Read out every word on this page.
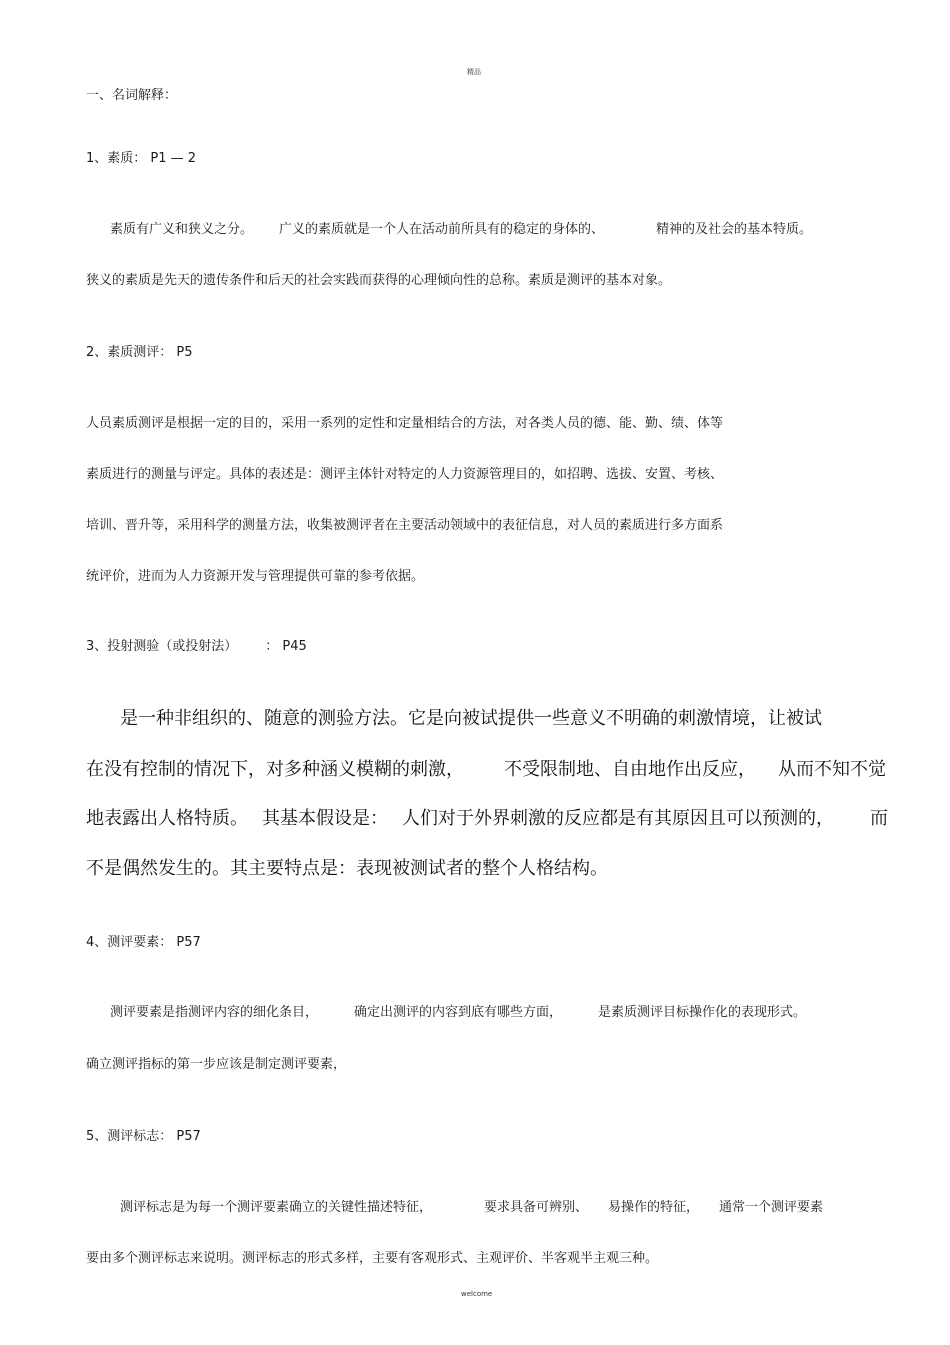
精品
welcome
一、名词解释：
1、素质： P1 — 2
素质有广义和狭义之分。 广义的素质就是一个人在活动前所具有的稳定的身体的、	精神的及社会的基本特质。
狭义的素质是先天的遗传条件和后天的社会实践而获得的心理倾向性的总称。素质是测评的基本对象。
2、素质测评： P5
人员素质测评是根据一定的目的，采用一系列的定性和定量相结合的方法，对各类人员的德、能、勤、绩、体等
素质进行的测量与评定。具体的表述是：测评主体针对特定的人力资源管理目的，如招聘、选拔、安置、考核、
培训、晋升等，采用科学的测量方法，收集被测评者在主要活动领域中的表征信息，对人员的素质进行多方面系
统评价，进而为人力资源开发与管理提供可靠的参考依据。
3、投射测验（或投射法） ： P45
是一种非组织的、随意的测验方法。它是向被试提供一些意义不明确的刺激情境，让被试
在没有控制的情况下，对多种涵义模糊的刺激， 不受限制地、自由地作出反应， 从而不知不觉
地表露出人格特质。 其基本假设是： 人们对于外界刺激的反应都是有其原因且可以预测的， 而
不是偶然发生的。其主要特点是：表现被测试者的整个人格结构。
4、测评要素： P57
测评要素是指测评内容的细化条目，	确定出测评的内容到底有哪些方面，	是素质测评目标操作化的表现形式。
确立测评指标的第一步应该是制定测评要素，
5、测评标志： P57
测评标志是为每一个测评要素确立的关键性描述特征，	要求具备可辨别、 易操作的特征， 通常一个测评要素
要由多个测评标志来说明。测评标志的形式多样，主要有客观形式、主观评价、半客观半主观三种。
